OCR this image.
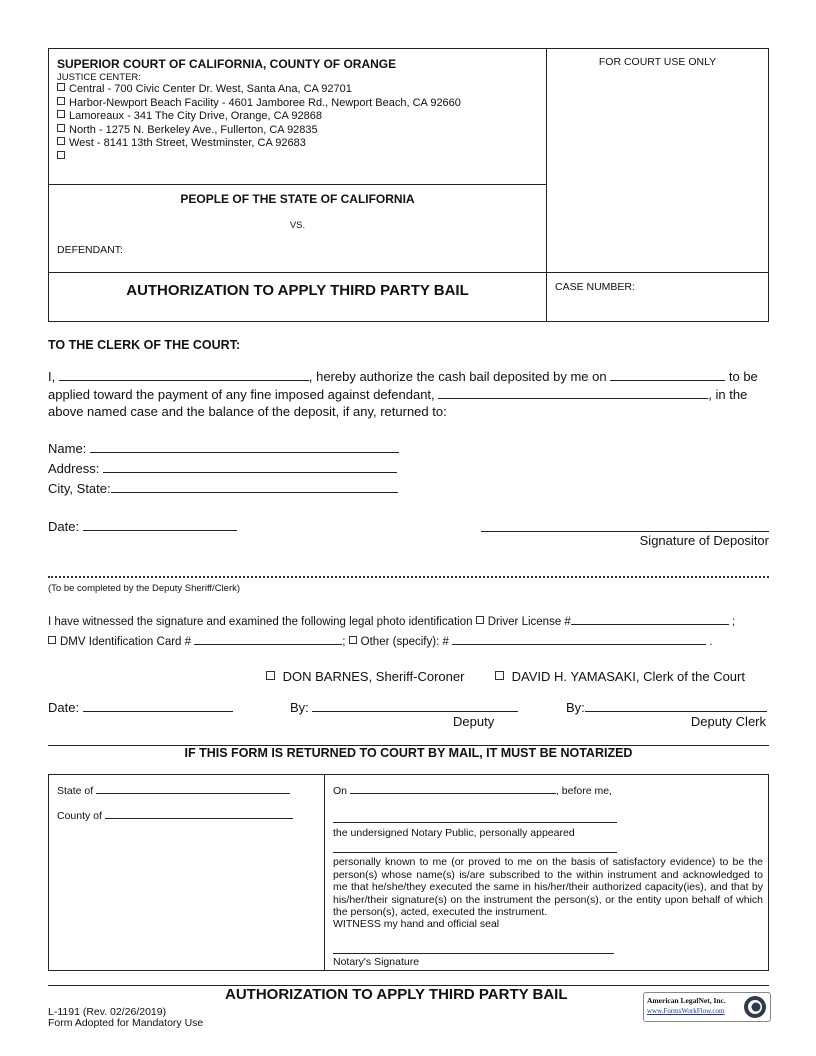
SUPERIOR COURT OF CALIFORNIA, COUNTY OF ORANGE
JUSTICE CENTER:
Central - 700 Civic Center Dr. West, Santa Ana, CA 92701
Harbor-Newport Beach Facility - 4601 Jamboree Rd., Newport Beach, CA 92660
Lamoreaux - 341 The City Drive, Orange, CA 92868
North - 1275 N. Berkeley Ave., Fullerton, CA 92835
West - 8141 13th Street, Westminster, CA 92683
FOR COURT USE ONLY
PEOPLE OF THE STATE OF CALIFORNIA
VS.
DEFENDANT:
AUTHORIZATION TO APPLY THIRD PARTY BAIL	CASE NUMBER:
TO THE CLERK OF THE COURT:
I,	, hereby authorize the cash bail deposited by me on	to be
applied toward the payment of any fine imposed against defendant,	, in the
above named case and the balance of the deposit, if any, returned to:
Name:
Address:
City, State:
Date:
Signature of Depositor
(To be completed by the Deputy Sheriff/Clerk)
I have witnessed the signature and examined the following legal photo identification Driver License #	;
DMV Identification Card #	; Other (specify): #	.
DON BARNES, Sheriff-Coroner	DAVID H. YAMASAKI, Clerk of the Court
Date:	By:	By:
Deputy	Deputy Clerk
IF THIS FORM IS RETURNED TO COURT BY MAIL, IT MUST BE NOTARIZED
State of
County of
On	, before me,
the undersigned Notary Public, personally appeared
personally known to me (or proved to me on the basis of satisfactory evidence) to be the person(s) whose name(s) is/are subscribed to the within instrument and acknowledged to me that he/she/they executed the same in his/her/their authorized capacity(ies), and that by his/her/their signature(s) on the instrument the person(s), or the entity upon behalf of which the person(s), acted, executed the instrument.
WITNESS my hand and official seal
Notary's Signature
AUTHORIZATION TO APPLY THIRD PARTY BAIL
L-1191 (Rev. 02/26/2019)
Form Adopted for Mandatory Use
American LegalNet, Inc.
www.FormsWorkFlow.com
